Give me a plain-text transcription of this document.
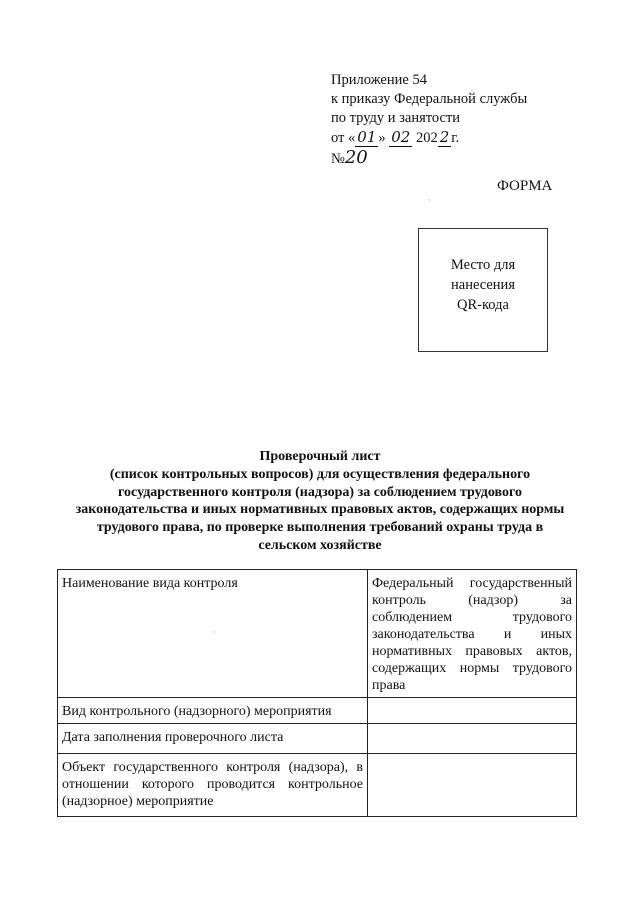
Приложение 54
к приказу Федеральной службы
по труду и занятости
от « 01 » 02 202 2 г.
№20
ФОРМА
Место для
нанесения
QR-кода
Проверочный лист
(список контрольных вопросов) для осуществления федерального
государственного контроля (надзора) за соблюдением трудового
законодательства и иных нормативных правовых актов, содержащих нормы
трудового права, по проверке выполнения требований охраны труда в
сельском хозяйстве
Наименование вида контроля	Федеральный государственный контроль (надзор) за соблюдением трудового законодательства и иных нормативных правовых актов, содержащих нормы трудового права
Вид контрольного (надзорного) мероприятия	
Дата заполнения проверочного листа	
Объект государственного контроля (надзора), в отношении которого проводится контрольное (надзорное) мероприятие	
·
·
